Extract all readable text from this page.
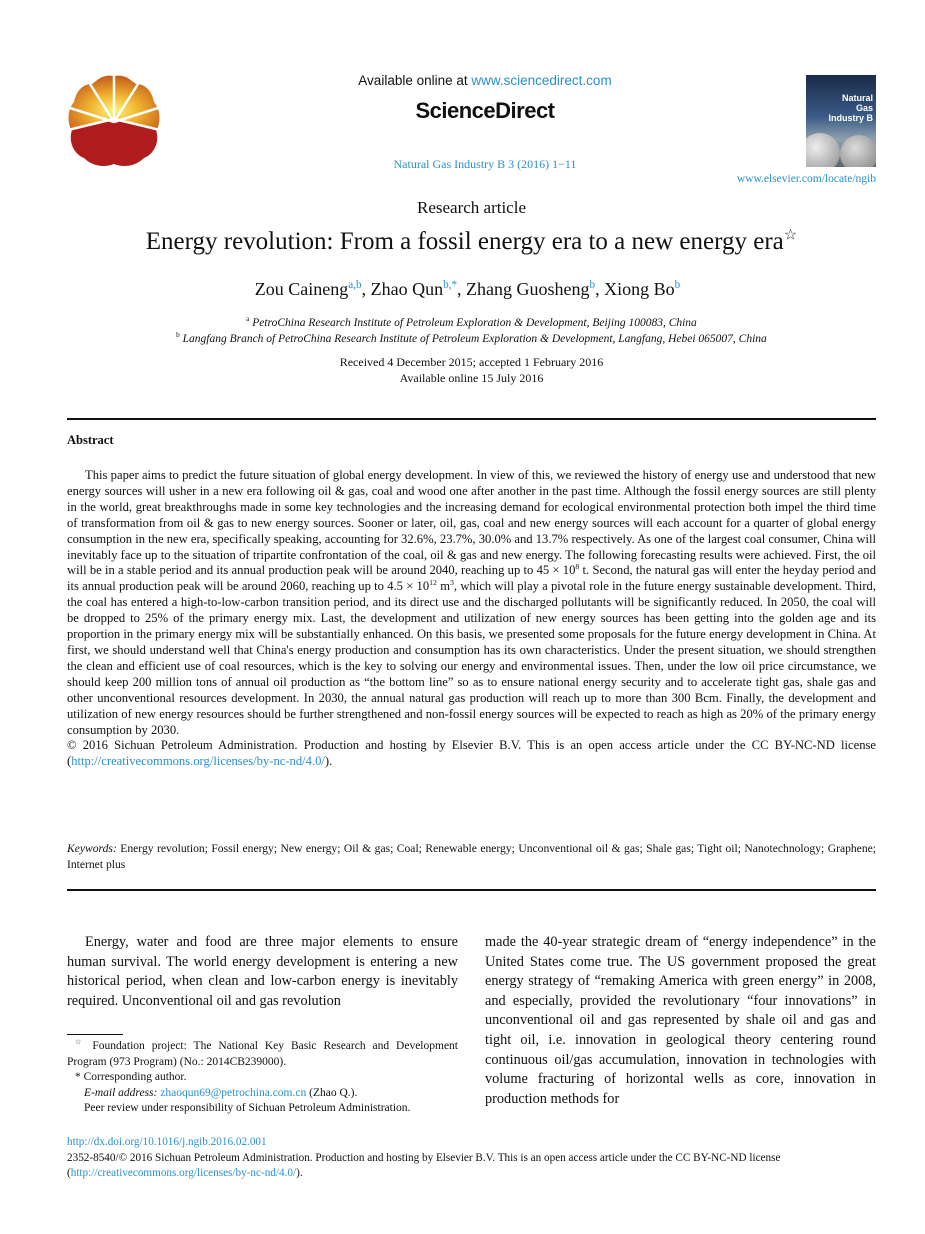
Available online at www.sciencedirect.com
ScienceDirect
Natural Gas Industry B 3 (2016) 1−11
Natural Gas Industry B
www.elsevier.com/locate/ngib
Research article
Energy revolution: From a fossil energy era to a new energy era☆
Zou Caineng$^{a,b}$, Zhao Qun$^{b,*}$, Zhang Guosheng$^b$, Xiong Bo$^b$
$^a$ PetroChina Research Institute of Petroleum Exploration & Development, Beijing 100083, China
$^b$ Langfang Branch of PetroChina Research Institute of Petroleum Exploration & Development, Langfang, Hebei 065007, China
Received 4 December 2015; accepted 1 February 2016
Available online 15 July 2016
Abstract
This paper aims to predict the future situation of global energy development. In view of this, we reviewed the history of energy use and understood that new energy sources will usher in a new era following oil & gas, coal and wood one after another in the past time. Although the fossil energy sources are still plenty in the world, great breakthroughs made in some key technologies and the increasing demand for ecological environmental protection both impel the third time of transformation from oil & gas to new energy sources. Sooner or later, oil, gas, coal and new energy sources will each account for a quarter of global energy consumption in the new era, specifically speaking, accounting for 32.6%, 23.7%, 30.0% and 13.7% respectively. As one of the largest coal consumer, China will inevitably face up to the situation of tripartite confrontation of the coal, oil & gas and new energy. The following forecasting results were achieved. First, the oil will be in a stable period and its annual production peak will be around 2040, reaching up to $45 \times 10^8$ t. Second, the natural gas will enter the heyday period and its annual production peak will be around 2060, reaching up to $4.5 \times 10^{12}$ $m^3$, which will play a pivotal role in the future energy sustainable development. Third, the coal has entered a high-to-low-carbon transition period, and its direct use and the discharged pollutants will be significantly reduced. In 2050, the coal will be dropped to 25% of the primary energy mix. Last, the development and utilization of new energy sources has been getting into the golden age and its proportion in the primary energy mix will be substantially enhanced. On this basis, we presented some proposals for the future energy development in China. At first, we should understand well that China's energy production and consumption has its own characteristics. Under the present situation, we should strengthen the clean and efficient use of coal resources, which is the key to solving our energy and environmental issues. Then, under the low oil price circumstance, we should keep 200 million tons of annual oil production as “the bottom line” so as to ensure national energy security and to accelerate tight gas, shale gas and other unconventional resources development. In 2030, the annual natural gas production will reach up to more than 300 Bcm. Finally, the development and utilization of new energy resources should be further strengthened and non-fossil energy sources will be expected to reach as high as 20% of the primary energy consumption by 2030.
© 2016 Sichuan Petroleum Administration. Production and hosting by Elsevier B.V. This is an open access article under the CC BY-NC-ND license (http://creativecommons.org/licenses/by-nc-nd/4.0/).
Keywords: Energy revolution; Fossil energy; New energy; Oil & gas; Coal; Renewable energy; Unconventional oil & gas; Shale gas; Tight oil; Nanotechnology; Graphene; Internet plus
Energy, water and food are three major elements to ensure human survival. The world energy development is entering a new historical period, when clean and low-carbon energy is inevitably required. Unconventional oil and gas revolution
made the 40-year strategic dream of “energy independence” in the United States come true. The US government proposed the great energy strategy of “remaking America with green energy” in 2008, and especially, provided the revolutionary “four innovations” in unconventional oil and gas represented by shale oil and gas and tight oil, i.e. innovation in geological theory centering round continuous oil/gas accumulation, innovation in technologies with volume fracturing of horizontal wells as core, innovation in production methods for
☆ Foundation project: The National Key Basic Research and Development Program (973 Program) (No.: 2014CB239000).
* Corresponding author.
E-mail address: zhaoqun69@petrochina.com.cn (Zhao Q.).
Peer review under responsibility of Sichuan Petroleum Administration.
http://dx.doi.org/10.1016/j.ngib.2016.02.001
2352-8540/© 2016 Sichuan Petroleum Administration. Production and hosting by Elsevier B.V. This is an open access article under the CC BY-NC-ND license
(http://creativecommons.org/licenses/by-nc-nd/4.0/).
